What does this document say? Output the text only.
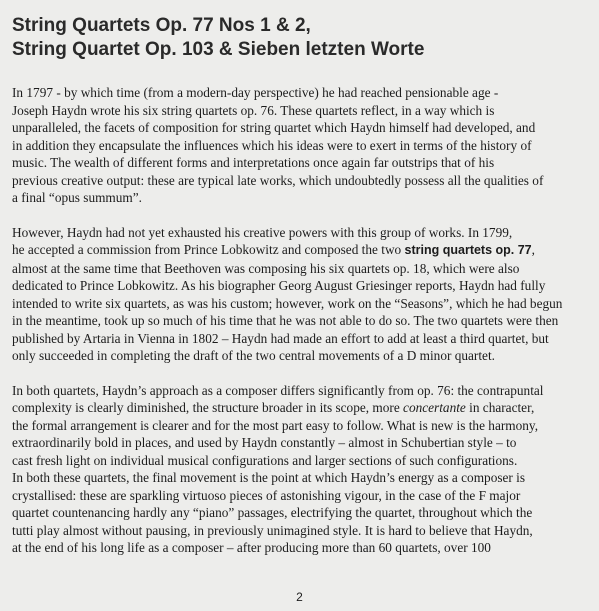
String Quartets Op. 77 Nos 1 & 2,
String Quartet Op. 103 & Sieben letzten Worte

In 1797 - by which time (from a modern-day perspective) he had reached pensionable age -
Joseph Haydn wrote his six string quartets op. 76. These quartets reflect, in a way which is
unparalleled, the facets of composition for string quartet which Haydn himself had developed, and
in addition they encapsulate the influences which his ideas were to exert in terms of the history of
music. The wealth of different forms and interpretations once again far outstrips that of his
previous creative output: these are typical late works, which undoubtedly possess all the qualities of
a final “opus summum”.

However, Haydn had not yet exhausted his creative powers with this group of works. In 1799,
he accepted a commission from Prince Lobkowitz and composed the two string quartets op. 77,
almost at the same time that Beethoven was composing his six quartets op. 18, which were also
dedicated to Prince Lobkowitz. As his biographer Georg August Griesinger reports, Haydn had fully
intended to write six quartets, as was his custom; however, work on the “Seasons”, which he had begun
in the meantime, took up so much of his time that he was not able to do so. The two quartets were then
published by Artaria in Vienna in 1802 – Haydn had made an effort to add at least a third quartet, but
only succeeded in completing the draft of the two central movements of a D minor quartet.

In both quartets, Haydn’s approach as a composer differs significantly from op. 76: the contrapuntal
complexity is clearly diminished, the structure broader in its scope, more concertante in character,
the formal arrangement is clearer and for the most part easy to follow. What is new is the harmony,
extraordinarily bold in places, and used by Haydn constantly – almost in Schubertian style – to
cast fresh light on individual musical configurations and larger sections of such configurations.
In both these quartets, the final movement is the point at which Haydn’s energy as a composer is
crystallised: these are sparkling virtuoso pieces of astonishing vigour, in the case of the F major
quartet countenancing hardly any “piano” passages, electrifying the quartet, throughout which the
tutti play almost without pausing, in previously unimagined style. It is hard to believe that Haydn,
at the end of his long life as a composer – after producing more than 60 quartets, over 100

2
